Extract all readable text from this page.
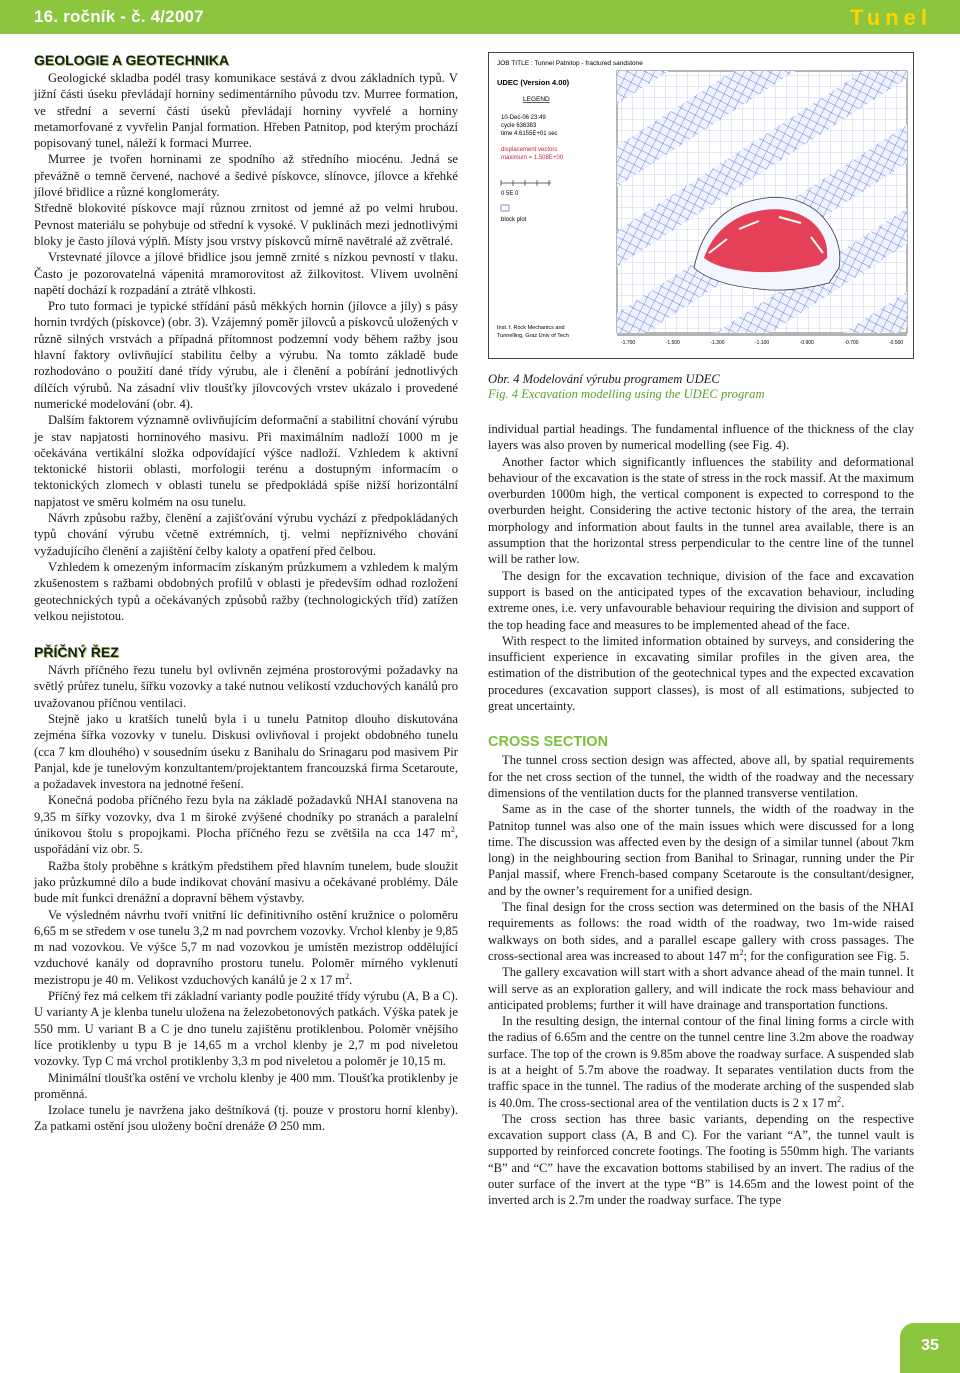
16. ročník - č. 4/2007	Tunel
GEOLOGIE A GEOTECHNIKA

Geologické skladba podél trasy komunikace sestává z dvou základních typů. V jižní části úseku převládají horniny sedimentárního původu tzv. Murree formation, ve střední a severní části úseků převládají horniny vyvřelé a horniny metamorfované z vyvřelin Panjal formation. Hřeben Patnitop, pod kterým prochází popisovaný tunel, náleží k formaci Murree.

Murree je tvořen horninami ze spodního až středního miocénu. Jedná se převážně o temně červené, nachové a šedivé pískovce, slínovce, jílovce a křehké jílové břidlice a různé konglomeráty.

Středně blokovité pískovce mají různou zrnitost od jemné až po velmi hrubou. Pevnost materiálu se pohybuje od střední k vysoké. V puklinách mezi jednotlivými bloky je často jílová výplň. Místy jsou vrstvy pískovců mírně navětralé až zvětralé.

Vrstevnaté jílovce a jílové břidlice jsou jemně zrnité s nízkou pevností v tlaku. Často je pozorovatelná vápenitá mramorovitost až žilkovitost. Vlivem uvolnění napětí dochází k rozpadání a ztrátě vlhkosti.

Pro tuto formaci je typické střídání pásů měkkých hornin (jílovce a jíly) s pásy hornin tvrdých (pískovce) (obr. 3). Vzájemný poměr jílovců a pískovců uložených v různě silných vrstvách a případná přítomnost podzemní vody během ražby jsou hlavní faktory ovlivňující stabilitu čelby a výrubu. Na tomto základě bude rozhodováno o použití dané třídy výrubu, ale i členění a pobírání jednotlivých dílčích výrubů. Na zásadní vliv tloušťky jílovcových vrstev ukázalo i provedené numerické modelování (obr. 4).

Dalším faktorem významně ovlivňujícím deformační a stabilitní chování výrubu je stav napjatosti horninového masivu. Při maximálním nadloží 1000 m je očekávána vertikální složka odpovídající výšce nadloží. Vzhledem k aktivní tektonické historii oblasti, morfologii terénu a dostupným informacím o tektonických zlomech v oblasti tunelu se předpokládá spíše nižší horizontální napjatost ve směru kolmém na osu tunelu.

Návrh způsobu ražby, členění a zajišťování výrubu vychází z předpokládaných typů chování výrubu včetně extrémních, tj. velmi nepříznivého chování vyžadujícího členění a zajištění čelby kaloty a opatření před čelbou.

Vzhledem k omezeným informacím získaným průzkumem a vzhledem k malým zkušenostem s ražbami obdobných profilů v oblasti je především odhad rozložení geotechnických typů a očekávaných způsobů ražby (technologických tříd) zatížen velkou nejistotou.

PŘÍČNÝ ŘEZ

Návrh příčného řezu tunelu byl ovlivněn zejména prostorovými požadavky na světlý průřez tunelu, šířku vozovky a také nutnou velikostí vzduchových kanálů pro uvažovanou příčnou ventilaci.

Stejně jako u kratších tunelů byla i u tunelu Patnitop dlouho diskutována zejména šířka vozovky v tunelu. Diskusi ovlivňoval i projekt obdobného tunelu (cca 7 km dlouhého) v sousedním úseku z Banihalu do Srinagaru pod masivem Pir Panjal, kde je tunelovým konzultantem/projektantem francouzská firma Scetaroute, a požadavek investora na jednotné řešení.

Konečná podoba příčného řezu byla na základě požadavků NHAI stanovena na 9,35 m šířky vozovky, dva 1 m široké zvýšené chodníky po stranách a paralelní únikovou štolu s propojkami. Plocha příčného řezu se zvětšila na cca 147 $m^2$, uspořádání viz obr. 5.

Ražba štoly proběhne s krátkým předstihem před hlavním tunelem, bude sloužit jako průzkumné dílo a bude indikovat chování masivu a očekávané problémy. Dále bude mít funkci drenážní a dopravní během výstavby.

Ve výsledném návrhu tvoří vnitřní líc definitivního ostění kružnice o poloměru 6,65 m se středem v ose tunelu 3,2 m nad povrchem vozovky. Vrchol klenby je 9,85 m nad vozovkou. Ve výšce 5,7 m nad vozovkou je umístěn mezistrop oddělující vzduchové kanály od dopravního prostoru tunelu. Poloměr mírného vyklenutí mezistropu je 40 m. Velikost vzduchových kanálů je 2 x 17 $m^2$.

Příčný řez má celkem tři základní varianty podle použité třídy výrubu (A, B a C). U varianty A je klenba tunelu uložena na železobetonových patkách. Výška patek je 550 mm. U variant B a C je dno tunelu zajištěnu protiklenbou. Poloměr vnějšího líce protiklenby u typu B je 14,65 m a vrchol klenby je 2,7 m pod niveletou vozovky. Typ C má vrchol protiklenby 3,3 m pod niveletou a poloměr je 10,15 m.

Minimální tloušťka ostění ve vrcholu klenby je 400 mm. Tloušťka protiklenby je proměnná.

Izolace tunelu je navržena jako deštníková (tj. pouze v prostoru horní klenby). Za patkami ostění jsou uloženy boční drenáže Ø 250 mm.

JOB TITLE : Tunnel Patnitop - fractured sandstone
UDEC (Version 4.00)
LEGEND
10-Dec-06 23:49
cycle 636383
time 4.6155E+01 sec
displacement vectors
maximum = 1.508E+00
0 5E 0
block plot
Inst. f. Rock Mechanics and
Tunnelling, Graz Univ of Tech
-1.700	-1.500	-1.300	-1.100	-0.900	-0.700	-0.500
Obr. 4 Modelování výrubu programem UDEC
Fig. 4 Excavation modelling using the UDEC program

individual partial headings. The fundamental influence of the thickness of the clay layers was also proven by numerical modelling (see Fig. 4).

Another factor which significantly influences the stability and deformational behaviour of the excavation is the state of stress in the rock massif. At the maximum overburden 1000m high, the vertical component is expected to correspond to the overburden height. Considering the active tectonic history of the area, the terrain morphology and information about faults in the tunnel area available, there is an assumption that the horizontal stress perpendicular to the centre line of the tunnel will be rather low.

The design for the excavation technique, division of the face and excavation support is based on the anticipated types of the excavation behaviour, including extreme ones, i.e. very unfavourable behaviour requiring the division and support of the top heading face and measures to be implemented ahead of the face.

With respect to the limited information obtained by surveys, and considering the insufficient experience in excavating similar profiles in the given area, the estimation of the distribution of the geotechnical types and the expected excavation procedures (excavation support classes), is most of all estimations, subjected to great uncertainty.

CROSS SECTION

The tunnel cross section design was affected, above all, by spatial requirements for the net cross section of the tunnel, the width of the roadway and the necessary dimensions of the ventilation ducts for the planned transverse ventilation.

Same as in the case of the shorter tunnels, the width of the roadway in the Patnitop tunnel was also one of the main issues which were discussed for a long time. The discussion was affected even by the design of a similar tunnel (about 7km long) in the neighbouring section from Banihal to Srinagar, running under the Pir Panjal massif, where French-based company Scetaroute is the consultant/designer, and by the owner’s requirement for a unified design.

The final design for the cross section was determined on the basis of the NHAI requirements as follows: the road width of the roadway, two 1m-wide raised walkways on both sides, and a parallel escape gallery with cross passages. The cross-sectional area was increased to about 147 $m^2$; for the configuration see Fig. 5.

The gallery excavation will start with a short advance ahead of the main tunnel. It will serve as an exploration gallery, and will indicate the rock mass behaviour and anticipated problems; further it will have drainage and transportation functions.

In the resulting design, the internal contour of the final lining forms a circle with the radius of 6.65m and the centre on the tunnel centre line 3.2m above the roadway surface. The top of the crown is 9.85m above the roadway surface. A suspended slab is at a height of 5.7m above the roadway. It separates ventilation ducts from the traffic space in the tunnel. The radius of the moderate arching of the suspended slab is 40.0m. The cross-sectional area of the ventilation ducts is 2 x 17 $m^2$.

The cross section has three basic variants, depending on the respective excavation support class (A, B and C). For the variant “A”, the tunnel vault is supported by reinforced concrete footings. The footing is 550mm high. The variants “B” and “C” have the excavation bottoms stabilised by an invert. The radius of the outer surface of the invert at the type “B” is 14.65m and the lowest point of the inverted arch is 2.7m under the roadway surface. The type

35
